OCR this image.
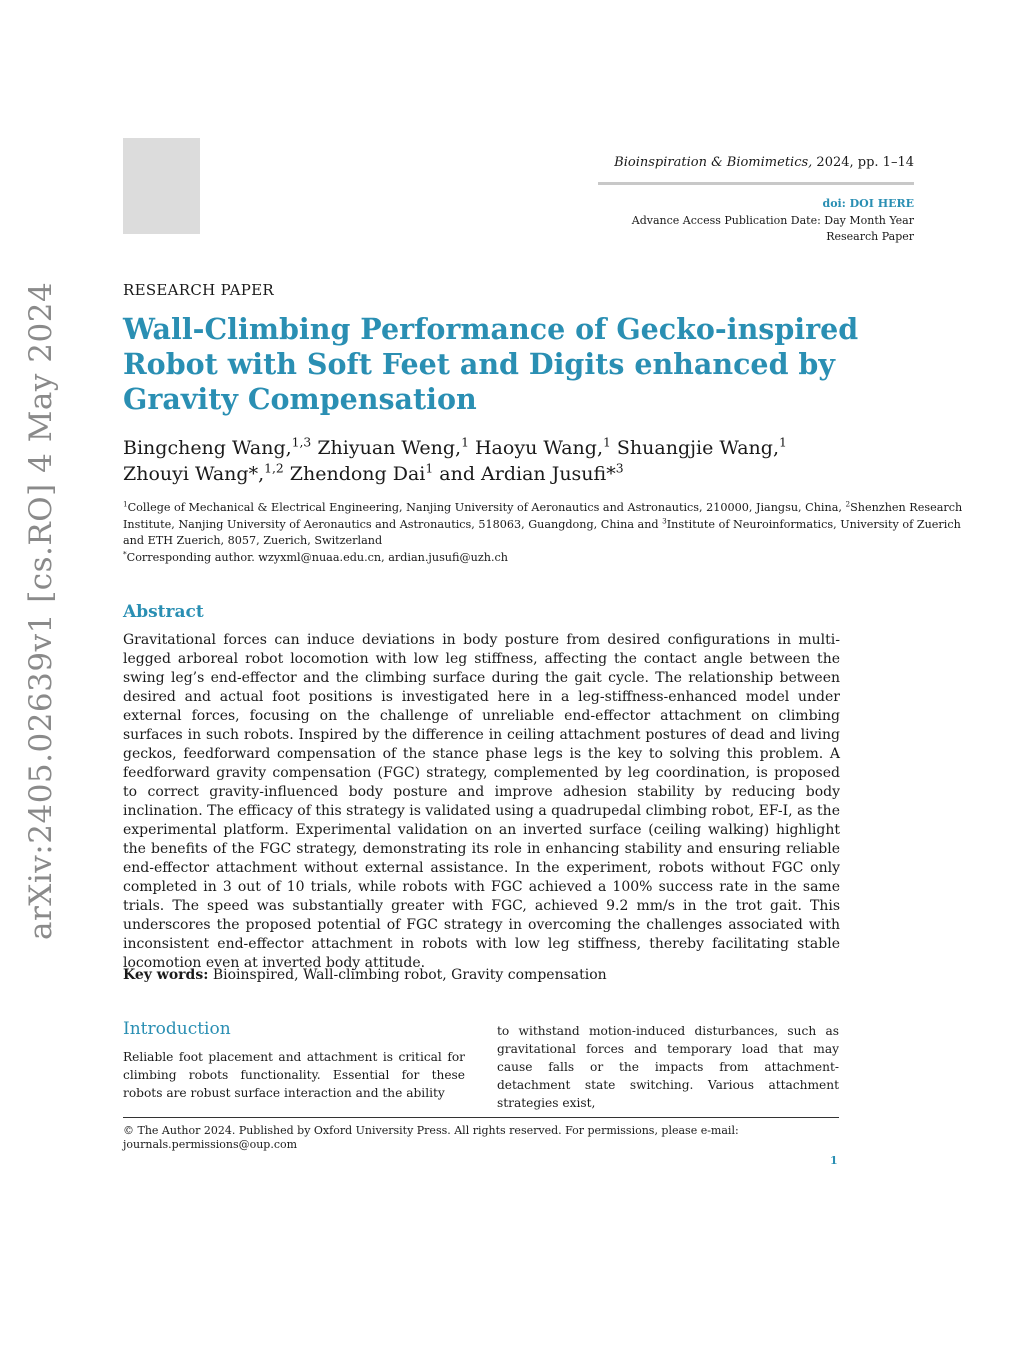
Bioinspiration & Biomimetics, 2024, pp. 1–14
doi: DOI HERE
Advance Access Publication Date: Day Month Year
Research Paper
arXiv:2405.02639v1 [cs.RO] 4 May 2024	RESEARCH PAPER
Wall-Climbing Performance of Gecko-inspired Robot with Soft Feet and Digits enhanced by Gravity Compensation
Bingcheng Wang,$^{1,3}$ Zhiyuan Weng,$^1$ Haoyu Wang,$^1$ Shuangjie Wang,$^1$
Zhouyi Wang*,$^{1,2}$ Zhendong Dai$^1$ and Ardian Jusufi*$^3$
$^1$College of Mechanical & Electrical Engineering, Nanjing University of Aeronautics and Astronautics, 210000, Jiangsu, China, $^2$Shenzhen Research Institute, Nanjing University of Aeronautics and Astronautics, 518063, Guangdong, China and $^3$Institute of Neuroinformatics, University of Zuerich and ETH Zuerich, 8057, Zuerich, Switzerland
*Corresponding author. wzyxml@nuaa.edu.cn, ardian.jusufi@uzh.ch
Abstract
Gravitational forces can induce deviations in body posture from desired configurations in multi-legged arboreal robot locomotion with low leg stiffness, affecting the contact angle between the swing leg’s end-effector and the climbing surface during the gait cycle. The relationship between desired and actual foot positions is investigated here in a leg-stiffness-enhanced model under external forces, focusing on the challenge of unreliable end-effector attachment on climbing surfaces in such robots. Inspired by the difference in ceiling attachment postures of dead and living geckos, feedforward compensation of the stance phase legs is the key to solving this problem. A feedforward gravity compensation (FGC) strategy, complemented by leg coordination, is proposed to correct gravity-influenced body posture and improve adhesion stability by reducing body inclination. The efficacy of this strategy is validated using a quadrupedal climbing robot, EF-I, as the experimental platform. Experimental validation on an inverted surface (ceiling walking) highlight the benefits of the FGC strategy, demonstrating its role in enhancing stability and ensuring reliable end-effector attachment without external assistance. In the experiment, robots without FGC only completed in 3 out of 10 trials, while robots with FGC achieved a 100% success rate in the same trials. The speed was substantially greater with FGC, achieved 9.2 mm/s in the trot gait. This underscores the proposed potential of FGC strategy in overcoming the challenges associated with inconsistent end-effector attachment in robots with low leg stiffness, thereby facilitating stable locomotion even at inverted body attitude.
Key words: Bioinspired, Wall-climbing robot, Gravity compensation
Introduction
Reliable foot placement and attachment is critical for climbing robots functionality. Essential for these robots are robust surface interaction and the ability
to withstand motion-induced disturbances, such as gravitational forces and temporary load that may cause falls or the impacts from attachment-detachment state switching. Various attachment strategies exist,
© The Author 2024. Published by Oxford University Press. All rights reserved. For permissions, please e-mail: journals.permissions@oup.com
1
